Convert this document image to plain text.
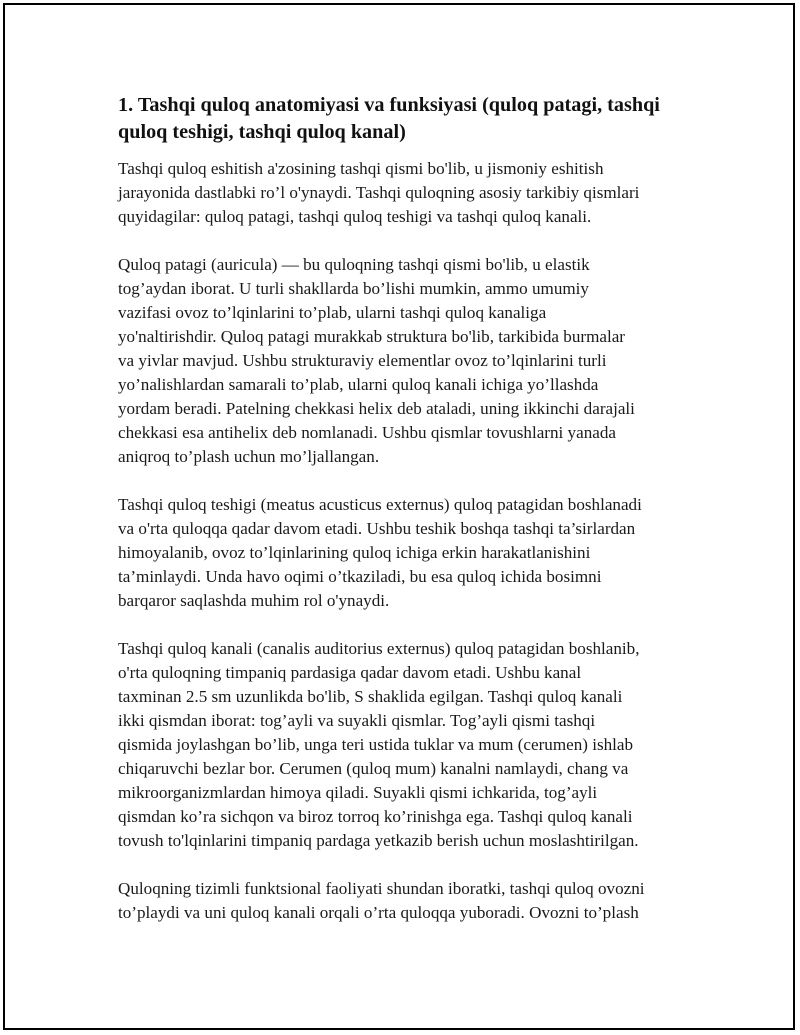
1. Tashqi quloq anatomiyasi va funksiyasi (quloq patagi, tashqi
quloq teshigi, tashqi quloq kanal)

Tashqi quloq eshitish a'zosining tashqi qismi bo'lib, u jismoniy eshitish
jarayonida dastlabki ro’l o'ynaydi. Tashqi quloqning asosiy tarkibiy qismlari
quyidagilar: quloq patagi, tashqi quloq teshigi va tashqi quloq kanali.

Quloq patagi (auricula) — bu quloqning tashqi qismi bo'lib, u elastik
tog’aydan iborat. U turli shakllarda bo’lishi mumkin, ammo umumiy
vazifasi ovoz to’lqinlarini to’plab, ularni tashqi quloq kanaliga
yo'naltirishdir. Quloq patagi murakkab struktura bo'lib, tarkibida burmalar
va yivlar mavjud. Ushbu strukturaviy elementlar ovoz to’lqinlarini turli
yo’nalishlardan samarali to’plab, ularni quloq kanali ichiga yo’llashda
yordam beradi. Patelning chekkasi helix deb ataladi, uning ikkinchi darajali
chekkasi esa antihelix deb nomlanadi. Ushbu qismlar tovushlarni yanada
aniqroq to’plash uchun mo’ljallangan.

Tashqi quloq teshigi (meatus acusticus externus) quloq patagidan boshlanadi
va o'rta quloqqa qadar davom etadi. Ushbu teshik boshqa tashqi ta’sirlardan
himoyalanib, ovoz to’lqinlarining quloq ichiga erkin harakatlanishini
ta’minlaydi. Unda havo oqimi o’tkaziladi, bu esa quloq ichida bosimni
barqaror saqlashda muhim rol o'ynaydi.

Tashqi quloq kanali (canalis auditorius externus) quloq patagidan boshlanib,
o'rta quloqning timpaniq pardasiga qadar davom etadi. Ushbu kanal
taxminan 2.5 sm uzunlikda bo'lib, S shaklida egilgan. Tashqi quloq kanali
ikki qismdan iborat: tog’ayli va suyakli qismlar. Tog’ayli qismi tashqi
qismida joylashgan bo’lib, unga teri ustida tuklar va mum (cerumen) ishlab
chiqaruvchi bezlar bor. Cerumen (quloq mum) kanalni namlaydi, chang va
mikroorganizmlardan himoya qiladi. Suyakli qismi ichkarida, tog’ayli
qismdan ko’ra sichqon va biroz torroq ko’rinishga ega. Tashqi quloq kanali
tovush to'lqinlarini timpaniq pardaga yetkazib berish uchun moslashtirilgan.

Quloqning tizimli funktsional faoliyati shundan iboratki, tashqi quloq ovozni
to’playdi va uni quloq kanali orqali o’rta quloqqa yuboradi. Ovozni to’plash
